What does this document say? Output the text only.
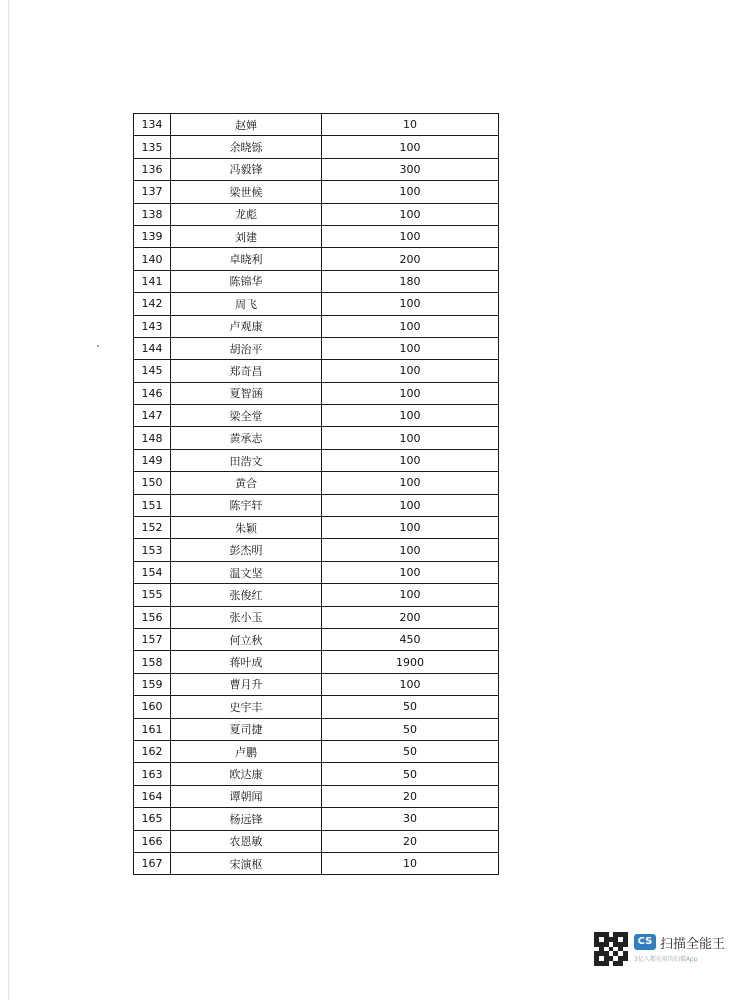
134	赵婵	10
135	余晓铄	100
136	冯毅锋	300
137	梁世候	100
138	龙彪	100
139	刘建	100
140	卓晓利	200
141	陈锦华	180
142	周飞	100
143	卢观康	100
144	胡治平	100
145	郑奇昌	100
146	夏智涵	100
147	梁全堂	100
148	黄承志	100
149	田浩文	100
150	黄合	100
151	陈宇轩	100
152	朱颖	100
153	彭杰明	100
154	温文坚	100
155	张俊红	100
156	张小玉	200
157	何立秋	450
158	蒋叶成	1900
159	曹月升	100
160	史宇丰	50
161	夏司捷	50
162	卢鹏	50
163	欧达康	50
164	谭朝闻	20
165	杨远锋	30
166	农恩敏	20
167	宋演枢	10
CS 扫描全能王
3亿人都在用的扫描App
